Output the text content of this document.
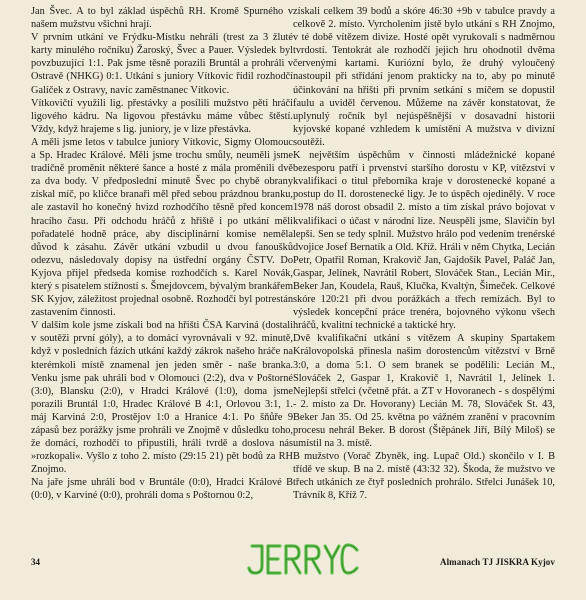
Jan Švec. A to byl základ úspěchů RH. Kromě Spurného v našem mužstvu všichni hrají.

V prvním utkání ve Frýdku-Místku nehráli (trest za 3 žluté karty minulého ročníku) Žaroský, Švec a Pauer. Výsledek byl povzbuzující 1:1. Pak jsme těsně porazili Bruntál a prohráli v Ostravě (NHKG) 0:1. Utkání s juniory Vítkovic řídil rozhodčí Galíček z Ostravy, navíc zaměstnanec Vítkovic.

Vítkovičtí využili lig. přestávky a posílili mužstvo pěti hráči ligového kádru. Na ligovou přestávku máme vůbec štěstí. Vždy, když hrajeme s lig. juniory, je v lize přestávka.

A měli jsme letos v tabulce juniory Vítkovic, Sigmy Olomouc a Sp. Hradec Králové. Měli jsme trochu smůly, neuměli jsme tradičně proměnit některé šance a hosté z mála proměnili dvě za dva body. V předposlední minutě Švec po chybě obrany získal míč, po kličce branaři měl před sebou prázdnou branku, ale zastavil ho konečný hvizd rozhodčího těsně před koncem hracího času. Při odchodu hráčů z hřiště i po utkání měli pořadatelé hodně práce, aby disciplinární komise neměla důvod k zásahu. Závěr utkání vzbudil u dvou fanoušků odezvu, následovaly dopisy na ústřední orgány ČSTV. Do Kyjova přijel předseda komise rozhodčích s. Karel Novák, který s pisatelem stížností s. Šmejdovcem, bývalým brankářem SK Kyjov, záležitost projednal osobně. Rozhodčí byl potrestán zastavením činnosti.

V dalším kole jsme získali bod na hřišti ČSA Karviná (dostali v soutěži první góly), a to domácí vyrovnávali v 92. minutě, když v posledních fázích utkání každý zákrok našeho hráče na kterémkoli místě znamenal jen jeden směr - naše branka. Venku jsme pak uhráli bod v Olomouci (2:2), dva v Poštorné (3:0), Blansku (2:0), v Hradci Králové (1:0), doma jsme porazili Bruntál 1:0, Hradec Králové B 4:1, Orlovou 3:1, 1. máj Karviná 2:0, Prostějov 1:0 a Hranice 4:1. Po šňůře 9 zápasů bez porážky jsme prohráli ve Znojmě v důsledku toho, že domácí, rozhodčí to připustili, hráli tvrdě a doslova nás »rozkopali«. Vyšlo z toho 2. místo (29:15 21) pět bodů za RH Znojmo.

Na jaře jsme uhráli bod v Bruntále (0:0), Hradci Králové B (0:0), v Karviné (0:0), prohráli doma s Poštornou 0:2,

získali celkem 39 bodů a skóre 46:30 +9b v tabulce pravdy a celkově 2. místo. Vyrcholením jistě bylo utkání s RH Znojmo, v té době vítězem divize. Hosté opět vyrukovali s nadměrnou tvrdostí. Tentokrát ale rozhodčí jejich hru ohodnotil dvěma červenými kartami. Kuriózní bylo, že druhý vyloučený nastoupil při střídání jenom prakticky na to, aby po minutě účinkování na hřišti při prvním setkání s míčem se dopustil faulu a uviděl červenou. Můžeme na závěr konstatovat, že uplynulý ročník byl nejúspěšnější v dosavadní historii kyjovské kopané vzhledem k umístění A mužstva v divizní soutěži.

K největším úspěchům v činnosti mládežnické kopané bezesporu patří i prvenství staršího dorostu v KP, vítězství v kvalifikaci o titul přeborníka kraje v dorostenecké kopané a postup do II. dorostenecké ligy. Je to úspěch ojedinělý. V roce 1978 náš dorost obsadil 2. místo a tím získal právo bojovat v kvalifikaci o účast v národní lize. Neuspěli jsme, Slavičín byl lepší. Sen se tedy splnil. Mužstvo hrálo pod vedením trenérské dvojice Josef Bernatík a Old. Kříž. Hráli v něm Chytka, Lecián Petr, Opatřil Roman, Krakovič Jan, Gajdošík Pavel, Paláč Jan, Gaspar, Jelínek, Navrátil Robert, Slováček Stan., Lecián Mir., Beker Jan, Koudela, Rauš, Klučka, Kvaltýn, Šimeček. Celkové skóre 120:21 při dvou porážkách a třech remízách. Byl to výsledek koncepční práce trenéra, bojovného výkonu všech hráčů, kvalitní technické a taktické hry.

Dvě kvalifikační utkání s vítězem A skupiny Spartakem Královopolská přinesla našim dorostencům vítězství v Brně 3:0, a doma 5:1. O sem branek se podělili: Lecián M., Slováček 2, Gaspar 1, Krakovič 1, Navrátil 1, Jelínek 1. Nejlepší střelci (včetně přát. a ZT v Hovoranech - s dospělými - 2. místo za Dr. Hovorany) Lecián M. 78, Slováček St. 43, Beker Jan 35. Od 25. května po vážném zranění v pracovním procesu nehrál Beker. B dorost (Štěpánek Jiří, Bílý Miloš) se umístil na 3. místě.

B mužstvo (Vorač Zbyněk, ing. Lupač Old.) skončilo v I. B třídě ve skup. B na 2. místě (43:32 32). Škoda, že mužstvo ve třech utkáních ze čtyř posledních prohrálo. Střelci Junášek 10, Trávník 8, Kříž 7.

34	Almanach TJ JISKRA Kyjov
